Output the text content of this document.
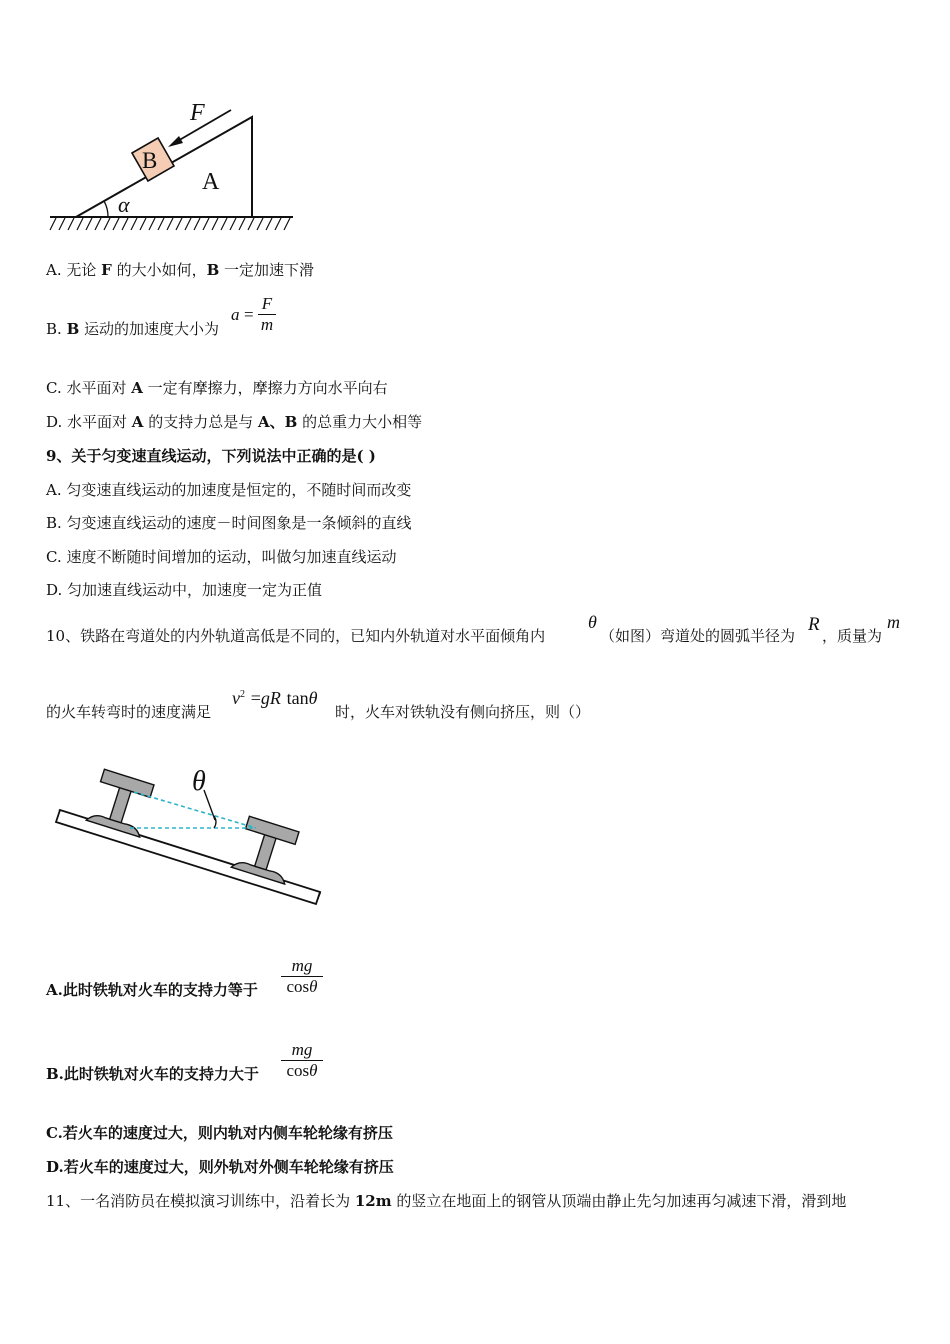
α
B
A
F
A. 无论 F 的大小如何，B 一定加速下滑
B. B 运动的加速度大小为
a =
F
m
C. 水平面对 A 一定有摩擦力，摩擦力方向水平向右
D. 水平面对 A 的支持力总是与 A、B 的总重力大小相等
9、关于匀变速直线运动，下列说法中正确的是( )
A. 匀变速直线运动的加速度是恒定的，不随时间而改变
B. 匀变速直线运动的速度－时间图象是一条倾斜的直线
C. 速度不断随时间增加的运动，叫做匀加速直线运动
D. 匀加速直线运动中，加速度一定为正值
10、铁路在弯道处的内外轨道高低是不同的，已知内外轨道对水平面倾角内
θ
（如图）弯道处的圆弧半径为
R
，质量为
m
的火车转弯时的速度满足
$v^2 =gR$ tanθ
时，火车对铁轨没有侧向挤压，则（）
θ
A.此时铁轨对火车的支持力等于
mg
cosθ
B.此时铁轨对火车的支持力大于
mg
cosθ
C.若火车的速度过大，则内轨对内侧车轮轮缘有挤压
D.若火车的速度过大，则外轨对外侧车轮轮缘有挤压
11、一名消防员在模拟演习训练中，沿着长为 12m 的竖立在地面上的钢管从顶端由静止先匀加速再匀减速下滑，滑到地
